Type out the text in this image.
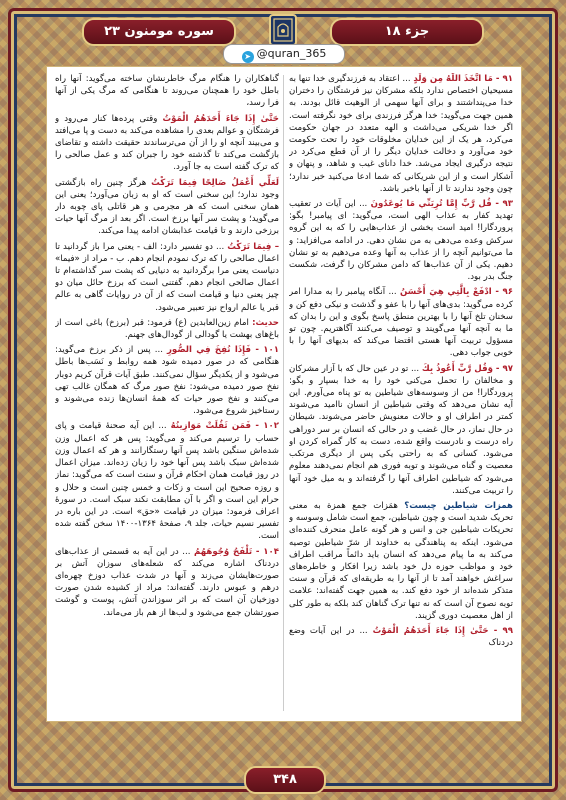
سوره مومنون ۲۳	جزء ۱۸
➤ @quran_365

۹۱ - مَا اتَّخَذَ اللَّهُ مِن وَلَدٍ ... اعتقاد به فرزندگیری خدا تنها به مسیحیان اختصاص ندارد بلکه مشرکان نیز فرشتگان را دختران خدا می‌پنداشتند و برای آنها سهمی از الوهیت قائل بودند. به همین جهت می‌گوید: خدا هرگز فرزندی برای خود نگرفته است. اگر خدا شریکی می‌داشت و الهه متعدد در جهان حکومت می‌کرد، هر یک از این خدایان مخلوقات خود را تحت حکومت خود می‌آورد و دخالت خدایان دیگر را از آن قطع می‌کرد در نتیجه درگیری ایجاد می‌شد. خدا دانای غیب و شاهد، و پنهان و آشکار است و از این شریکانی که شما ادعا می‌کنید خبر ندارد؛ چون وجود ندارند تا از آنها باخبر باشد.

۹۳ - قُل رَّبِّ إِمَّا تُرِيَنِّي مَا يُوعَدُونَ ... این آیات در تعقیب تهدید کفار به عذاب الهی است، می‌گوید: ای پیامبر! بگو: پروردگارا! امید است بخشی از عذاب‌هایی را که به این گروه سرکش وعده می‌دهی به من نشان دهی. در ادامه می‌افزاید: و ما می‌توانیم آنچه را از عذاب به آنها وعده می‌دهیم به تو نشان دهیم. یکی از آن عذاب‌ها که دامن مشرکان را گرفت، شکست جنگ بدر بود.

۹۶ - ادْفَعْ بِالَّتِي هِيَ أَحْسَنُ ... آنگاه پیامبر را به مدارا امر کرده می‌گوید: بدی‌های آنها را با عفو و گذشت و نیکی دفع کن و سخنان تلخ آنها را با بهترین منطق پاسخ بگوی و این را بدان که ما به آنچه آنها می‌گویند و توصیف می‌کنند آگاهتریم. چون تو مسؤول تربیت آنها هستی اقتضا می‌کند که بدیهای آنها را با خوبی جواب دهی.

۹۷ - وَقُل رَّبِّ أَعُوذُ بِكَ ... تو در عین حال که با آزار مشرکان و مخالفان را تحمل می‌کنی خود را به خدا بسپار و بگو: پروردگارا! من از وسوسه‌های شیاطین به تو پناه می‌آورم. این آیه نشان می‌دهد که وقتی شیاطین از انسان ناامید می‌شوند کمتر در اطراف او و حالات معنویش حاضر می‌شوند. شیطان در حال نماز، در حال غضب و در حالی که انسان بر سر دوراهی راه درست و نادرست واقع شده، دست به کار گمراه کردن او می‌شود. کسانی که به راحتی یکی پس از دیگری مرتکب معصیت و گناه می‌شوند و توبه فوری هم انجام نمی‌دهند معلوم می‌شود که شیاطین اطراف آنها را گرفته‌اند و به میل خود آنها را تربیت می‌کنند.

همزات شیاطین چیست؟ همَزات جمع همزة به معنی تحریک شدید است و چون شیاطین، جمع است شامل وسوسه و تحریکات شیاطین جن و انس و هر گونه عامل منحرف کننده‌ای می‌شود. اینکه به پناهندگی به خداوند از شرّ شیاطین توصیه می‌کند به ما پیام می‌دهد که انسان باید دائماً مراقب اطراف خود و مواظب حوزه دل خود باشد زیرا افکار و خاطره‌های سراغش خواهند آمد تا از آنها را به طریقه‌ای که قرآن و سنت متذکر شده‌اند از خود دفع کند. به همین جهت گفته‌اند: علامت توبه نصوح آن است که نه تنها ترک گناهان کند بلکه به طور کلی از اهل معصیت دوری گزیند.

۹۹ - حَتَّىٰ إِذَا جَاءَ أَحَدَهُمُ الْمَوْتُ ... در این آیات وضع دردناک

گناهکاران را هنگام مرگ خاطرنشان ساخته می‌گوید: آنها راه باطل خود را همچنان می‌روند تا هنگامی که مرگ یکی از آنها فرا رسد،

حَتَّىٰ إِذَا جَاءَ أَحَدَهُمُ الْمَوْتُ وقتی پرده‌ها کنار می‌رود و فرشتگان و عوالم بعدی را مشاهده می‌کند به دست و پا می‌افتد و می‌بیند آنچه او را از آن می‌ترساندند حقیقت داشته و تقاضای بازگشت می‌کند تا گذشته خود را جبران کند و عمل صالحی را که ترک گفته است به جا آورد.

لَعَلِّي أَعْمَلُ صَالِحًا فِيمَا تَرَكْتُ هرگز چنین راه بازگشتی وجود ندارد؛ این سخنی است که او به زبان می‌آورد؛ یعنی این همان سخنی است که هر مجرمی و هر قاتلی پای چوبه دار می‌گوید؛ و پشت سر آنها برزخ است. اگر بعد از مرگ آنها حیات برزخی دارند و تا قیامت عذابشان ادامه پیدا می‌کند.

– فِيمَا تَرَكْتُ ... دو تفسیر دارد: الف - یعنی مرا باز گردانید تا اعمال صالحی را که ترک نمودم انجام دهم. ب - مراد از «فیما» دنیاست یعنی مرا برگردانید به دنیایی که پشت سر گذاشته‌ام تا اعمال صالحی انجام دهم. گفتنی است که برزخ حائل میان دو چیز یعنی دنیا و قیامت است که از آن در روایات گاهی به عالم قبر یا عالم ارواح نیز تعبیر می‌شود.

حدیث: امام زین‌العابدین (ع) فرمود: قبر (برزخ) باغی است از باغ‌های بهشت یا گودالی از گودال‌های جهنم.

۱۰۱ - فَإِذَا نُفِخَ فِي الصُّورِ ... پس از ذکر برزخ می‌گوید: هنگامی که در صور دمیده شود همه روابط و نَسَب‌ها باطل می‌شود و از یکدیگر سؤال نمی‌کنند. طبق آیات قرآن کریم دوبار نفخ صور دمیده می‌شود: نفخ صور مرگ که همگان غالب تهی می‌کنند و نفخ صور حیات که همهٔ انسان‌ها زنده می‌شوند و رستاخیز شروع می‌شود.

۱۰۲ - فَمَن ثَقُلَتْ مَوَازِينُهُ ... این آیه صحنهٔ قیامت و پای حساب را ترسیم می‌کند و می‌گوید: پس هر که اعمال وزن شده‌اش سنگین باشد پس آنها رستگارانند و هر که اعمال وزن شده‌اش سبک باشد پس آنها خود را زیان زده‌اند. میزان اعمال در روز قیامت همان احکام قرآن و سنت است که می‌گوید: نماز و روزه صحیح این است و زکات و خمس چنین است و حلال و حرام این است و اگر با آن مطابقت نکند سبک است. در سورهٔ اعراف فرمود: میزان در قیامت «حق» است. در این باره در تفسیر نسیم حیات، جلد ۹، صفحهٔ ۱۳۶۴-۱۴۰۰ سخن گفته شده است.

۱۰۴ - تَلْفَحُ وُجُوهَهُمُ ... در این آیه به قسمتی از عذاب‌های دردناک اشاره می‌کند که شعله‌های سوزان آتش بر صورت‌هایشان می‌زند و آنها در شدت عذاب دوزخ چهره‌ای درهم و عبوس دارند. گفته‌اند: مراد از کشیده شدن صورت دوزخیان آن است که بر اثر سوزاندن آتش، پوست و گوشت صورتشان جمع می‌شود و لب‌ها از هم باز می‌ماند.

۳۴۸
